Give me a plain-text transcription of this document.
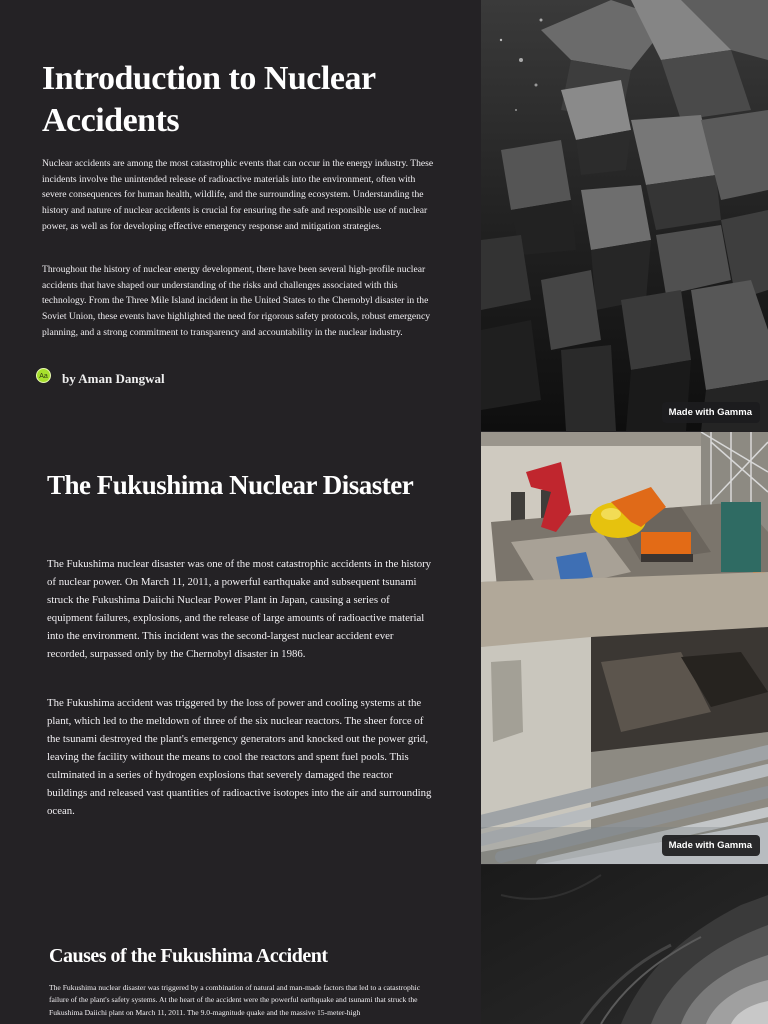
Introduction to Nuclear Accidents

Nuclear accidents are among the most catastrophic events that can occur in the energy industry. These incidents involve the unintended release of radioactive materials into the environment, often with severe consequences for human health, wildlife, and the surrounding ecosystem. Understanding the history and nature of nuclear accidents is crucial for ensuring the safe and responsible use of nuclear power, as well as for developing effective emergency response and mitigation strategies.

Throughout the history of nuclear energy development, there have been several high-profile nuclear accidents that have shaped our understanding of the risks and challenges associated with this technology. From the Three Mile Island incident in the United States to the Chernobyl disaster in the Soviet Union, these events have highlighted the need for rigorous safety protocols, robust emergency planning, and a strong commitment to transparency and accountability in the nuclear industry.

Aa by Aman Dangwal
Made with Gamma
The Fukushima Nuclear Disaster

The Fukushima nuclear disaster was one of the most catastrophic accidents in the history of nuclear power. On March 11, 2011, a powerful earthquake and subsequent tsunami struck the Fukushima Daiichi Nuclear Power Plant in Japan, causing a series of equipment failures, explosions, and the release of large amounts of radioactive material into the environment. This incident was the second-largest nuclear accident ever recorded, surpassed only by the Chernobyl disaster in 1986.

The Fukushima accident was triggered by the loss of power and cooling systems at the plant, which led to the meltdown of three of the six nuclear reactors. The sheer force of the tsunami destroyed the plant's emergency generators and knocked out the power grid, leaving the facility without the means to cool the reactors and spent fuel pools. This culminated in a series of hydrogen explosions that severely damaged the reactor buildings and released vast quantities of radioactive isotopes into the air and surrounding ocean.

Made with Gamma
Causes of the Fukushima Accident

The Fukushima nuclear disaster was triggered by a combination of natural and man-made factors that led to a catastrophic failure of the plant's safety systems. At the heart of the accident were the powerful earthquake and tsunami that struck the Fukushima Daiichi plant on March 11, 2011. The 9.0-magnitude quake and the massive 15-meter-high
